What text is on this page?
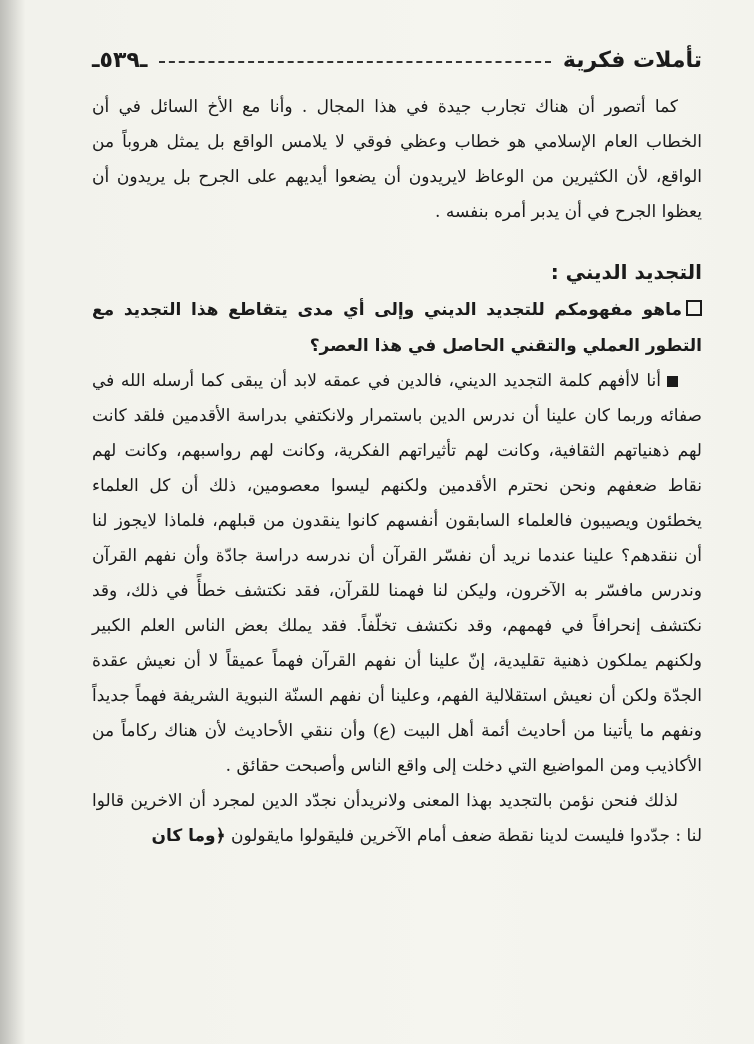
تأملات فكرية
ـ٥٣٩ـ

كما أتصور أن هناك تجارب جيدة في هذا المجال . وأنا مع الأخ السائل في أن الخطاب العام الإسلامي هو خطاب وعظي فوقي لا يلامس الواقع بل يمثل هروباً من الواقع، لأن الكثيرين من الوعاظ لايريدون أن يضعوا أيديهم على الجرح بل يريدون أن يعظوا الجرح في أن يدبر أمره بنفسه .

التجديد الديني :

ماهو مفهومكم للتجديد الديني وإلى أي مدى يتقاطع هذا التجديد مع التطور العملي والتقني الحاصل في هذا العصر؟

أنا لاأفهم كلمة التجديد الديني، فالدين في عمقه لابد أن يبقى كما أرسله الله في صفائه وربما كان علينا أن ندرس الدين باستمرار ولانكتفي بدراسة الأقدمين فلقد كانت لهم ذهنياتهم الثقافية، وكانت لهم تأثيراتهم الفكرية، وكانت لهم رواسبهم، وكانت لهم نقاط ضعفهم ونحن نحترم الأقدمين ولكنهم ليسوا معصومين، ذلك أن كل العلماء يخطئون ويصيبون فالعلماء السابقون أنفسهم كانوا ينقدون من قبلهم، فلماذا لايجوز لنا أن ننقدهم؟ علينا عندما نريد أن نفسّر القرآن أن ندرسه دراسة جادّة وأن نفهم القرآن وندرس مافسّر به الآخرون، وليكن لنا فهمنا للقرآن، فقد نكتشف خطأً في ذلك، وقد نكتشف إنحرافاً في فهمهم، وقد نكتشف تخلّفاً. فقد يملك بعض الناس العلم الكبير ولكنهم يملكون ذهنية تقليدية، إنّ علينا أن نفهم القرآن فهماً عميقاً لا أن نعيش عقدة الجدّة ولكن أن نعيش استقلالية الفهم، وعلينا أن نفهم السنّة النبوية الشريفة فهماً جديداً ونفهم ما يأتينا من أحاديث أئمة أهل البيت (ع) وأن ننقي الأحاديث لأن هناك ركاماً من الأكاذيب ومن المواضيع التي دخلت إلى واقع الناس وأصبحت حقائق .

لذلك فنحن نؤمن بالتجديد بهذا المعنى ولانريدأن نجدّد الدين لمجرد أن الاخرين قالوا لنا : جدّدوا فليست لدينا نقطة ضعف أمام الآخرين فليقولوا مايقولون ﴿وما كان
